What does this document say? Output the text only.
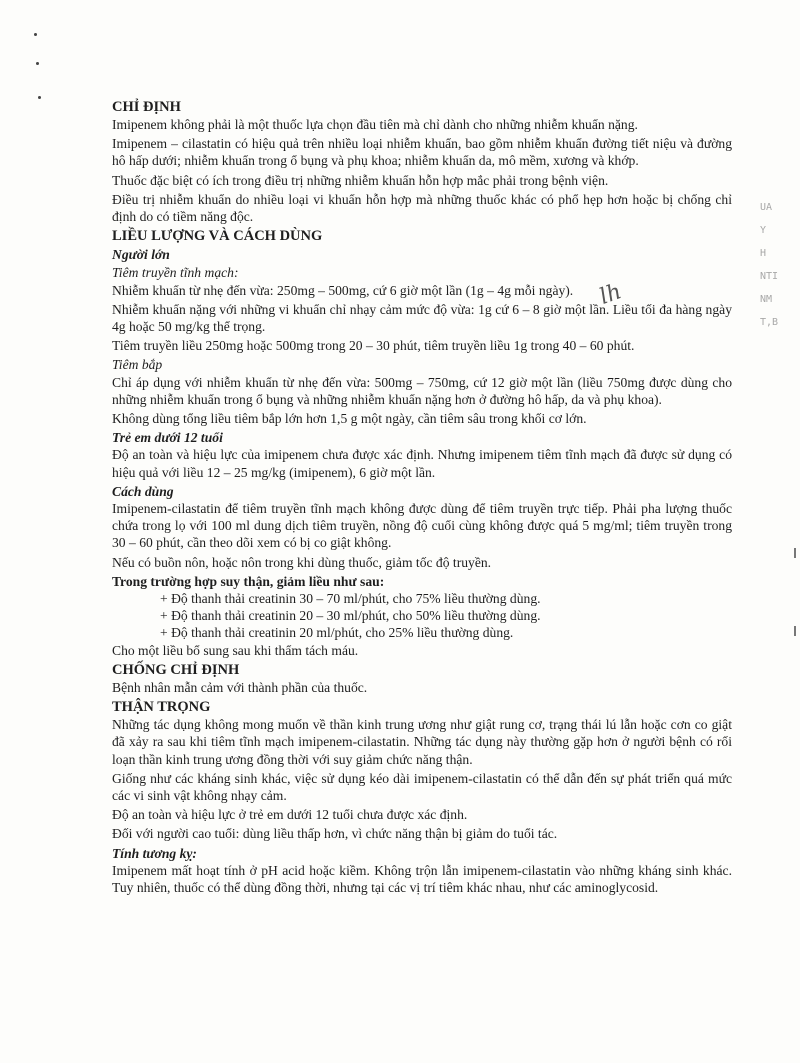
UA
Y
H
NTI
NM
T,B
lh
CHỈ ĐỊNH

Imipenem không phải là một thuốc lựa chọn đầu tiên mà chỉ dành cho những nhiễm khuẩn nặng.

Imipenem – cilastatin có hiệu quả trên nhiều loại nhiễm khuẩn, bao gồm nhiễm khuẩn đường tiết niệu và đường hô hấp dưới; nhiễm khuẩn trong ổ bụng và phụ khoa; nhiễm khuẩn da, mô mềm, xương và khớp.

Thuốc đặc biệt có ích trong điều trị những nhiễm khuẩn hỗn hợp mắc phải trong bệnh viện.

Điều trị nhiễm khuẩn do nhiều loại vi khuẩn hỗn hợp mà những thuốc khác có phổ hẹp hơn hoặc bị chống chỉ định do có tiềm năng độc.

LIỀU LƯỢNG VÀ CÁCH DÙNG
Người lớn
Tiêm truyền tĩnh mạch:

Nhiễm khuẩn từ nhẹ đến vừa: 250mg – 500mg, cứ 6 giờ một lần (1g – 4g mỗi ngày).

Nhiễm khuẩn nặng với những vi khuẩn chỉ nhạy cảm mức độ vừa: 1g cứ 6 – 8 giờ một lần. Liều tối đa hàng ngày 4g hoặc 50 mg/kg thể trọng.

Tiêm truyền liều 250mg hoặc 500mg trong 20 – 30 phút, tiêm truyền liều 1g trong 40 – 60 phút.

Tiêm bắp

Chỉ áp dụng với nhiễm khuẩn từ nhẹ đến vừa: 500mg – 750mg, cứ 12 giờ một lần (liều 750mg được dùng cho những nhiễm khuẩn trong ổ bụng và những nhiễm khuẩn nặng hơn ở đường hô hấp, da và phụ khoa).

Không dùng tổng liều tiêm bắp lớn hơn 1,5 g một ngày, cần tiêm sâu trong khối cơ lớn.

Trẻ em dưới 12 tuổi

Độ an toàn và hiệu lực của imipenem chưa được xác định. Nhưng imipenem tiêm tĩnh mạch đã được sử dụng có hiệu quả với liều 12 – 25 mg/kg (imipenem), 6 giờ một lần.

Cách dùng

Imipenem-cilastatin để tiêm truyền tĩnh mạch không được dùng để tiêm truyền trực tiếp. Phải pha lượng thuốc chứa trong lọ với 100 ml dung dịch tiêm truyền, nồng độ cuối cùng không được quá 5 mg/ml; tiêm truyền trong 30 – 60 phút, cần theo dõi xem có bị co giật không.

Nếu có buồn nôn, hoặc nôn trong khi dùng thuốc, giảm tốc độ truyền.

Trong trường hợp suy thận, giảm liều như sau:

+ Độ thanh thải creatinin 30 – 70 ml/phút, cho 75% liều thường dùng.

+ Độ thanh thải creatinin 20 – 30 ml/phút, cho 50% liều thường dùng.

+ Độ thanh thải creatinin 20 ml/phút, cho 25% liều thường dùng.

Cho một liều bổ sung sau khi thẩm tách máu.

CHỐNG CHỈ ĐỊNH

Bệnh nhân mẫn cảm với thành phần của thuốc.

THẬN TRỌNG

Những tác dụng không mong muốn về thần kinh trung ương như giật rung cơ, trạng thái lú lẫn hoặc cơn co giật đã xảy ra sau khi tiêm tĩnh mạch imipenem-cilastatin. Những tác dụng này thường gặp hơn ở người bệnh có rối loạn thần kinh trung ương đồng thời với suy giảm chức năng thận.

Giống như các kháng sinh khác, việc sử dụng kéo dài imipenem-cilastatin có thể dẫn đến sự phát triển quá mức các vi sinh vật không nhạy cảm.

Độ an toàn và hiệu lực ở trẻ em dưới 12 tuổi chưa được xác định.

Đối với người cao tuổi: dùng liều thấp hơn, vì chức năng thận bị giảm do tuổi tác.

Tính tương kỵ:

Imipenem mất hoạt tính ở pH acid hoặc kiềm. Không trộn lẫn imipenem-cilastatin vào những kháng sinh khác. Tuy nhiên, thuốc có thể dùng đồng thời, nhưng tại các vị trí tiêm khác nhau, như các aminoglycosid.
